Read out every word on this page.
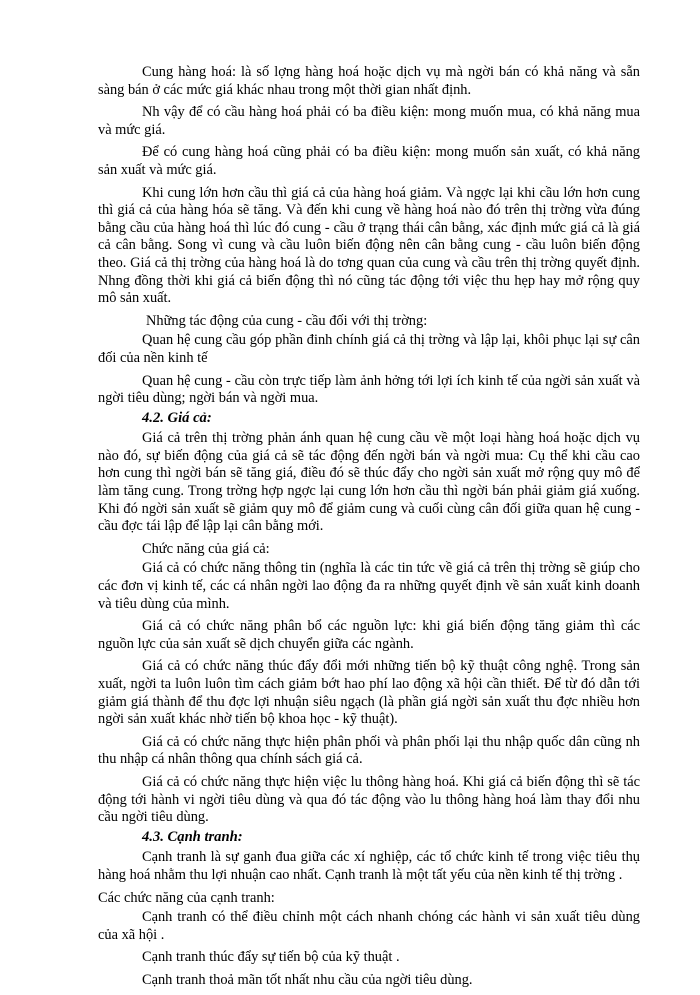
Cung hàng hoá: là số lợng hàng hoá hoặc dịch vụ mà ngời bán có khả năng và sẵn sàng bán ở các mức giá khác nhau trong một thời gian nhất định.

Nh vậy để có cầu hàng hoá phải có ba điều kiện: mong muốn mua, có khả năng mua và mức giá.

Để có cung hàng hoá cũng phải có ba điều kiện: mong muốn sản xuất, có khả năng sản xuất và mức giá.

Khi cung lớn hơn cầu thì giá cả của hàng hoá giảm. Và ngợc lại khi cầu lớn hơn cung thì giá cả của hàng hóa sẽ tăng. Và đến khi cung về hàng hoá nào đó trên thị trờng vừa đúng bằng cầu của hàng hoá thì lúc đó cung - cầu ở trạng thái cân bằng, xác định mức giá cả là giá cả cân bằng. Song vì cung và cầu luôn biến động nên cân bằng cung - cầu luôn biến động theo. Giá cả thị trờng của hàng hoá là do tơng quan của cung và cầu trên thị trờng quyết định. Nhng đồng thời khi giá cả biến động thì nó cũng tác động tới việc thu hẹp hay mở rộng quy mô sản xuất.

Những tác động của cung - cầu đối với thị trờng:

Quan hệ cung cầu góp phần đinh chính giá cả thị trờng và lập lại, khôi phục lại sự cân đối của nền kinh tế

Quan hệ cung - cầu còn trực tiếp làm ảnh hởng tới lợi ích kinh tế của ngời sản xuất và ngời tiêu dùng; ngời bán và ngời mua.

4.2. Giá cả:

Giá cả trên thị trờng phản ánh quan hệ cung cầu về một loại hàng hoá hoặc dịch vụ nào đó, sự biến động của giá cả sẽ tác động đến ngời bán và ngời mua: Cụ thể khi cầu cao hơn cung thì ngời bán sẽ tăng giá, điều đó sẽ thúc đẩy cho ngời sản xuất mở rộng quy mô để làm tăng cung. Trong trờng hợp ngợc lại cung lớn hơn cầu thì ngời bán phải giảm giá xuống. Khi đó ngời sản xuất sẽ giảm quy mô để giảm cung và cuối cùng cân đối giữa quan hệ cung - cầu đợc tái lập để lập lại cân bằng mới.

Chức năng của giá cả:

Giá cả có chức năng thông tin (nghĩa là các tin tức về giá cả trên thị trờng sẽ giúp cho các đơn vị kinh tế, các cá nhân ngời lao động đa ra những quyết định về sản xuất kinh doanh và tiêu dùng của mình.

Giá cả có chức năng phân bổ các nguồn lực: khi giá biến động tăng giảm thì các nguồn lực của sản xuất sẽ dịch chuyển giữa các ngành.

Giá cả có chức năng thúc đẩy đổi mới những tiến bộ kỹ thuật công nghệ. Trong sản xuất, ngời ta luôn luôn tìm cách giảm bớt hao phí lao động xã hội cần thiết. Để từ đó dẫn tới giảm giá thành để thu đợc lợi nhuận siêu ngạch (là phần giá ngời sản xuất thu đợc nhiều hơn ngời sản xuất khác nhờ tiến bộ khoa học - kỹ thuật).

Giá cả có chức năng thực hiện phân phối và phân phối lại thu nhập quốc dân cũng nh thu nhập cá nhân thông qua chính sách giá cả.

Giá cả có chức năng thực hiện việc lu thông hàng hoá. Khi giá cả biến động thì sẽ tác động tới hành vi ngời tiêu dùng và qua đó tác động vào lu thông hàng hoá làm thay đổi nhu cầu ngời tiêu dùng.

4.3. Cạnh tranh:

Cạnh tranh là sự ganh đua giữa các xí nghiệp, các tổ chức kinh tế trong việc tiêu thụ hàng hoá nhằm thu lợi nhuận cao nhất. Cạnh tranh là một tất yếu của nền kinh tế thị trờng .

Các chức năng của cạnh tranh:

Cạnh tranh có thể điều chỉnh một cách nhanh chóng các hành vi sản xuất tiêu dùng của xã hội .

Cạnh tranh thúc đẩy sự tiến bộ của kỹ thuật .

Cạnh tranh thoả mãn tốt nhất nhu cầu của ngời tiêu dùng.
